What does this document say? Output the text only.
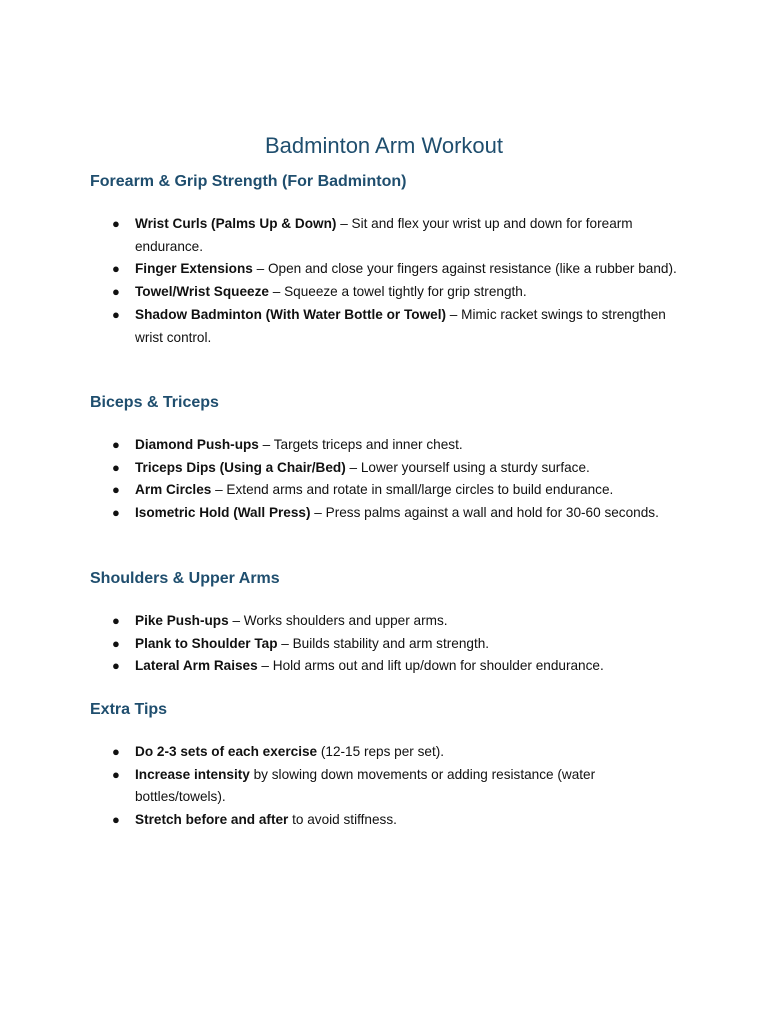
Badminton Arm Workout
Forearm & Grip Strength (For Badminton)
● Wrist Curls (Palms Up & Down) – Sit and flex your wrist up and down for forearm endurance.
● Finger Extensions – Open and close your fingers against resistance (like a rubber band).
● Towel/Wrist Squeeze – Squeeze a towel tightly for grip strength.
● Shadow Badminton (With Water Bottle or Towel) – Mimic racket swings to strengthen wrist control.
Biceps & Triceps
● Diamond Push-ups – Targets triceps and inner chest.
● Triceps Dips (Using a Chair/Bed) – Lower yourself using a sturdy surface.
● Arm Circles – Extend arms and rotate in small/large circles to build endurance.
● Isometric Hold (Wall Press) – Press palms against a wall and hold for 30-60 seconds.
Shoulders & Upper Arms
● Pike Push-ups – Works shoulders and upper arms.
● Plank to Shoulder Tap – Builds stability and arm strength.
● Lateral Arm Raises – Hold arms out and lift up/down for shoulder endurance.
Extra Tips
● Do 2-3 sets of each exercise (12-15 reps per set).
● Increase intensity by slowing down movements or adding resistance (water bottles/towels).
● Stretch before and after to avoid stiffness.
